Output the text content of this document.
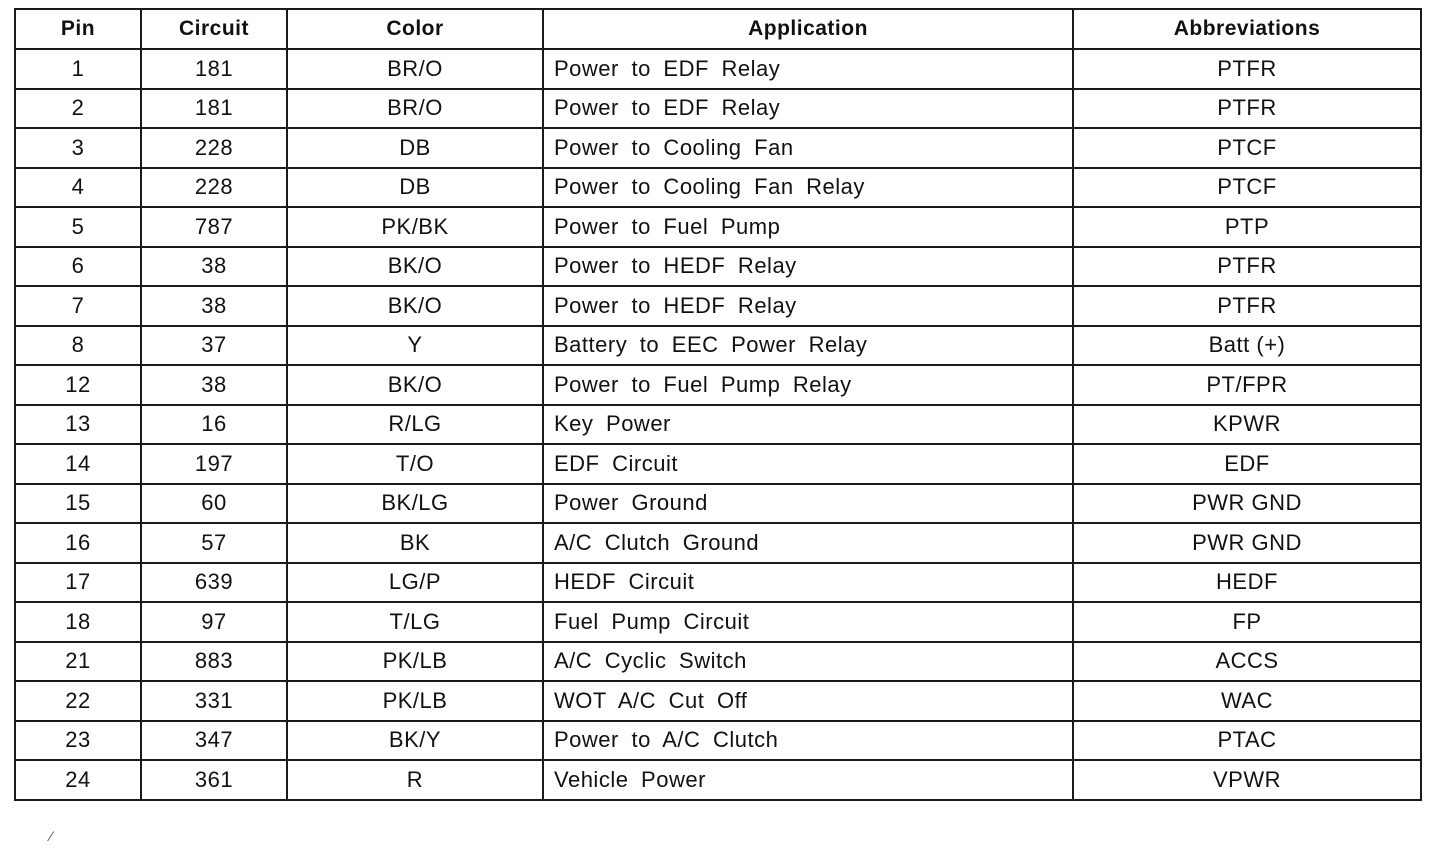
Pin	Circuit	Color	Application	Abbreviations
1	181	BR/O	Power to EDF Relay	PTFR
2	181	BR/O	Power to EDF Relay	PTFR
3	228	DB	Power to Cooling Fan	PTCF
4	228	DB	Power to Cooling Fan Relay	PTCF
5	787	PK/BK	Power to Fuel Pump	PTP
6	38	BK/O	Power to HEDF Relay	PTFR
7	38	BK/O	Power to HEDF Relay	PTFR
8	37	Y	Battery to EEC Power Relay	Batt (+)
12	38	BK/O	Power to Fuel Pump Relay	PT/FPR
13	16	R/LG	Key Power	KPWR
14	197	T/O	EDF Circuit	EDF
15	60	BK/LG	Power Ground	PWR GND
16	57	BK	A/C Clutch Ground	PWR GND
17	639	LG/P	HEDF Circuit	HEDF
18	97	T/LG	Fuel Pump Circuit	FP
21	883	PK/LB	A/C Cyclic Switch	ACCS
22	331	PK/LB	WOT A/C Cut Off	WAC
23	347	BK/Y	Power to A/C Clutch	PTAC
24	361	R	Vehicle Power	VPWR
⁄
